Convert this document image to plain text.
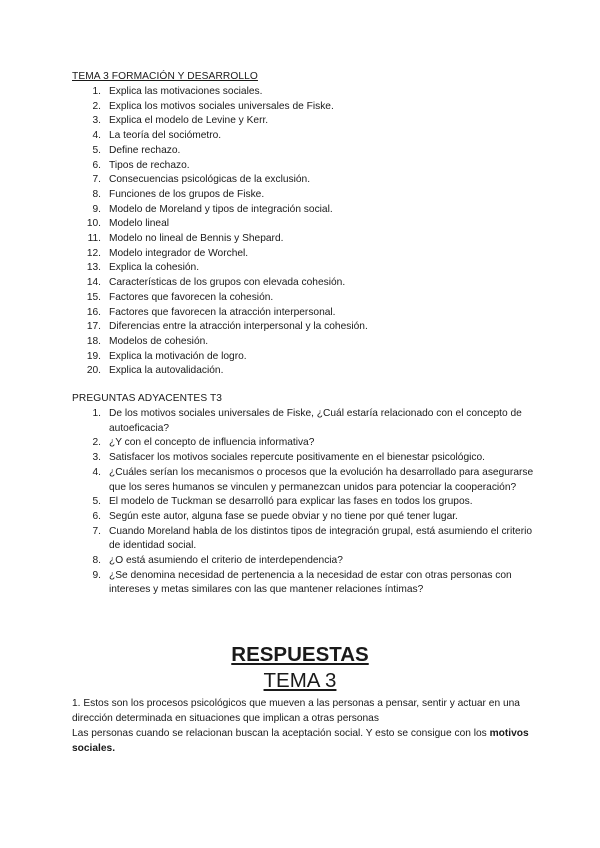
TEMA 3 FORMACIÓN Y DESARROLLO
1. Explica las motivaciones sociales.
2. Explica los motivos sociales universales de Fiske.
3. Explica el modelo de Levine y Kerr.
4. La teoría del sociómetro.
5. Define rechazo.
6. Tipos de rechazo.
7. Consecuencias psicológicas de la exclusión.
8. Funciones de los grupos de Fiske.
9. Modelo de Moreland y tipos de integración social.
10. Modelo lineal
11. Modelo no lineal de Bennis y Shepard.
12. Modelo integrador de Worchel.
13. Explica la cohesión.
14. Características de los grupos con elevada cohesión.
15. Factores que favorecen la cohesión.
16. Factores que favorecen la atracción interpersonal.
17. Diferencias entre la atracción interpersonal y la cohesión.
18. Modelos de cohesión.
19. Explica la motivación de logro.
20. Explica la autovalidación.
PREGUNTAS ADYACENTES T3
1. De los motivos sociales universales de Fiske, ¿Cuál estaría relacionado con el concepto de autoeficacia?
2. ¿Y con el concepto de influencia informativa?
3. Satisfacer los motivos sociales repercute positivamente en el bienestar psicológico.
4. ¿Cuáles serían los mecanismos o procesos que la evolución ha desarrollado para asegurarse que los seres humanos se vinculen y permanezcan unidos para potenciar la cooperación?
5. El modelo de Tuckman se desarrolló para explicar las fases en todos los grupos.
6. Según este autor, alguna fase se puede obviar y no tiene por qué tener lugar.
7. Cuando Moreland habla de los distintos tipos de integración grupal, está asumiendo el criterio de identidad social.
8. ¿O está asumiendo el criterio de interdependencia?
9. ¿Se denomina necesidad de pertenencia a la necesidad de estar con otras personas con intereses y metas similares con las que mantener relaciones íntimas?
RESPUESTAS
TEMA 3
1. Estos son los procesos psicológicos que mueven a las personas a pensar, sentir y actuar en una dirección determinada en situaciones que implican a otras personas
Las personas cuando se relacionan buscan la aceptación social. Y esto se consigue con los motivos sociales.
